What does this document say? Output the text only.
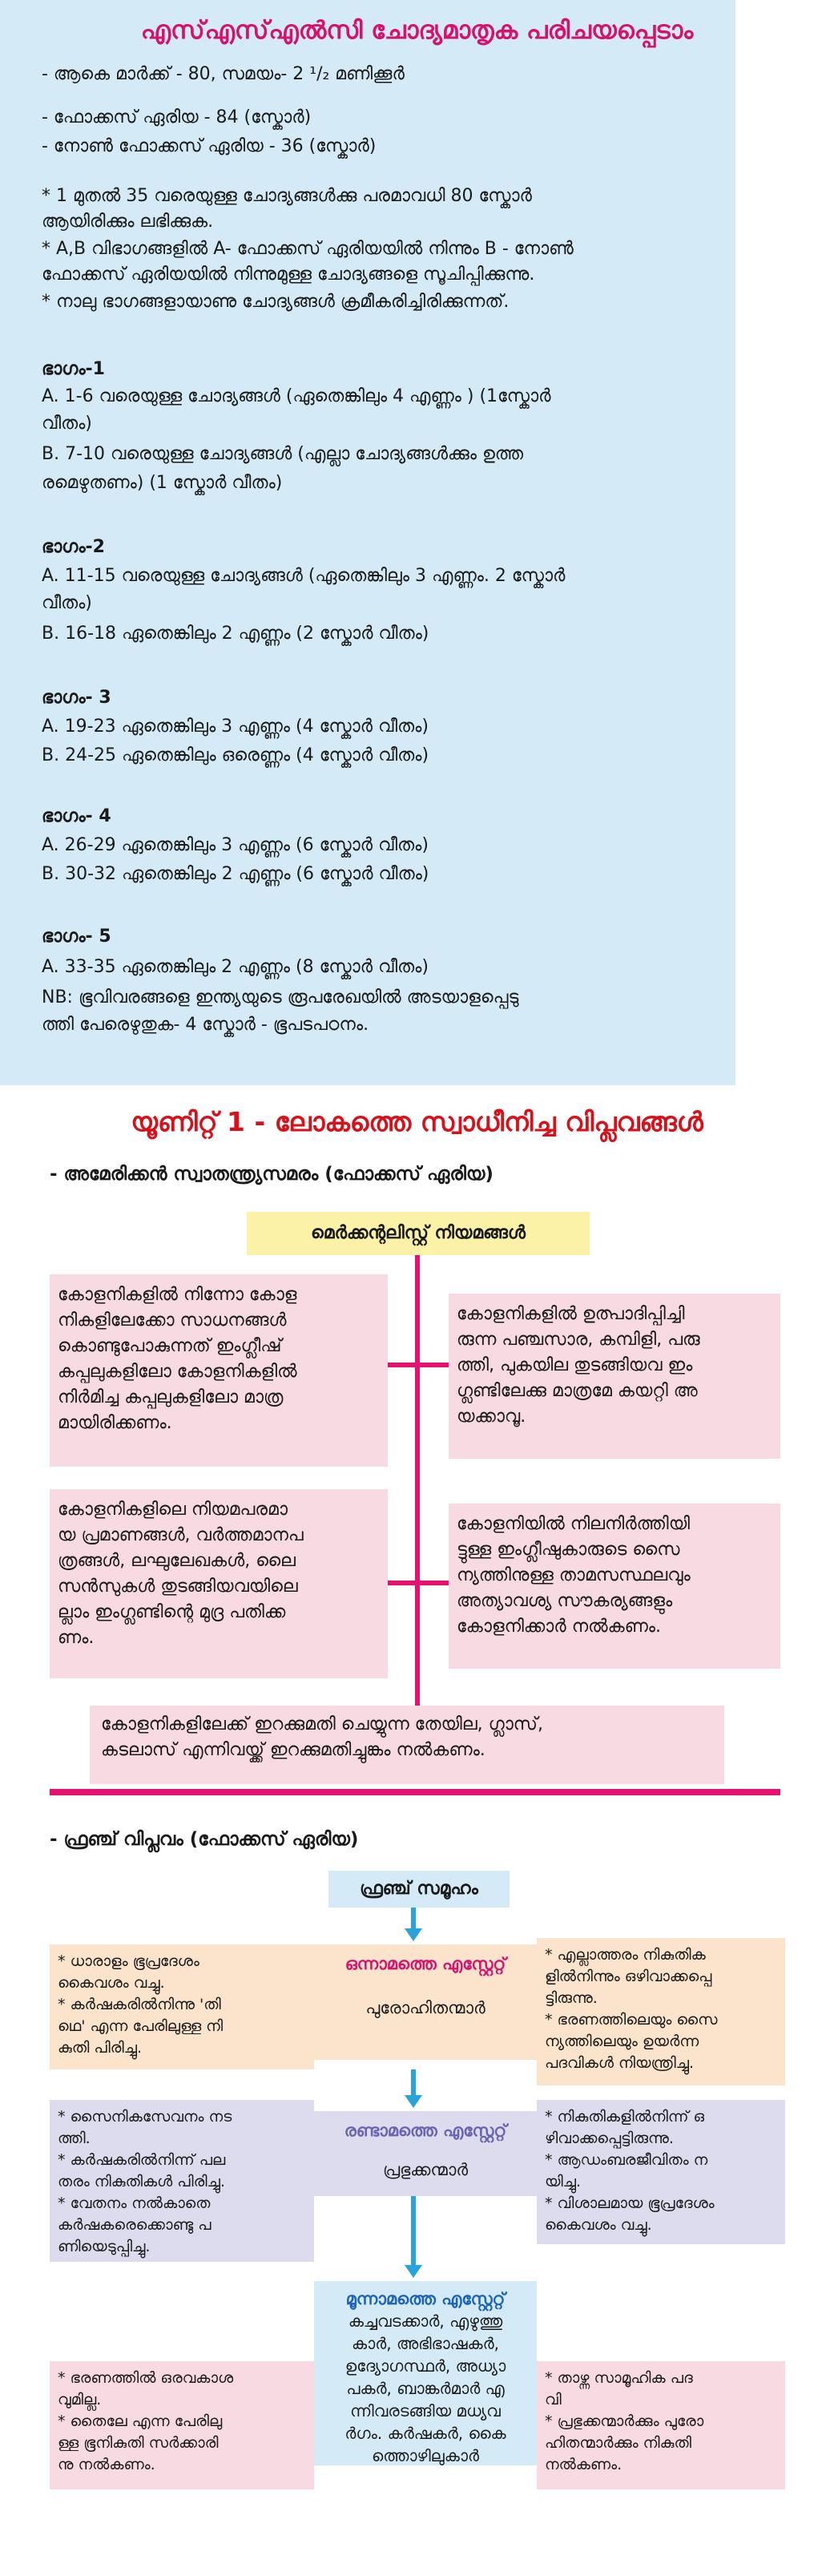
എസ്എസ്എൽസി ചോദ്യമാതൃക പരിചയപ്പെടാം
- ആകെ മാർക്ക് - 80, സമയം- 2 ¹/₂ മണിക്കൂർ
- ഫോക്കസ് ഏരിയ - 84 (സ്കോർ)
- നോൺ ഫോക്കസ് ഏരിയ - 36 (സ്കോർ)
* 1 മുതൽ 35 വരെയുള്ള ചോദ്യങ്ങൾക്കു പരമാവധി 80 സ്കോർ
ആയിരിക്കും ലഭിക്കുക.
* A,B വിഭാഗങ്ങളിൽ A- ഫോക്കസ് ഏരിയയിൽ നിന്നും B - നോൺ
ഫോക്കസ് ഏരിയയിൽ നിന്നുമുള്ള ചോദ്യങ്ങളെ സൂചിപ്പിക്കുന്നു.
* നാലു ഭാഗങ്ങളായാണു ചോദ്യങ്ങൾ ക്രമീകരിച്ചിരിക്കുന്നത്.
ഭാഗം-1
A. 1-6 വരെയുള്ള ചോദ്യങ്ങൾ (ഏതെങ്കിലും 4 എണ്ണം ) (1സ്കോർ
വീതം)
B. 7-10 വരെയുള്ള ചോദ്യങ്ങൾ (എല്ലാ ചോദ്യങ്ങൾക്കും ഉത്ത
രമെഴുതണം) (1 സ്കോർ വീതം)
ഭാഗം-2
A. 11-15 വരെയുള്ള ചോദ്യങ്ങൾ (ഏതെങ്കിലും 3 എണ്ണം. 2 സ്കോർ
വീതം)
B. 16-18 ഏതെങ്കിലും 2 എണ്ണം (2 സ്കോർ വീതം)
ഭാഗം- 3
A. 19-23 ഏതെങ്കിലും 3 എണ്ണം (4 സ്കോർ വീതം)
B. 24-25 ഏതെങ്കിലും ഒരെണ്ണം (4 സ്കോർ വീതം)
ഭാഗം- 4
A. 26-29 ഏതെങ്കിലും 3 എണ്ണം (6 സ്കോർ വീതം)
B. 30-32 ഏതെങ്കിലും 2 എണ്ണം (6 സ്കോർ വീതം)
ഭാഗം- 5
A. 33-35 ഏതെങ്കിലും 2 എണ്ണം (8 സ്കോർ വീതം)
NB: ഭൂവിവരങ്ങളെ ഇന്ത്യയുടെ രൂപരേഖയിൽ അടയാളപ്പെടു
ത്തി പേരെഴുതുക- 4 സ്കോർ - ഭൂപടപഠനം.
യൂണിറ്റ് 1 - ലോകത്തെ സ്വാധീനിച്ച വിപ്ലവങ്ങൾ
- അമേരിക്കൻ സ്വാതന്ത്ര്യസമരം (ഫോക്കസ് ഏരിയ)
മെർക്കന്റലിസ്റ്റ് നിയമങ്ങൾ
കോളനികളിൽ നിന്നോ കോള
നികളിലേക്കോ സാധനങ്ങൾ
കൊണ്ടുപോകുന്നത് ഇംഗ്ലീഷ്
കപ്പലുകളിലോ കോളനികളിൽ
നിർമിച്ച കപ്പലുകളിലോ മാത്ര
മായിരിക്കണം.
കോളനികളിൽ ഉത്പാദിപ്പിച്ചി
രുന്ന പഞ്ചസാര, കമ്പിളി, പരു
ത്തി, പുകയില തുടങ്ങിയവ ഇം
ഗ്ലണ്ടിലേക്കു മാത്രമേ കയറ്റി അ
യക്കാവൂ.
കോളനികളിലെ നിയമപരമാ
യ പ്രമാണങ്ങൾ, വർത്തമാനപ
ത്രങ്ങൾ, ലഘുലേഖകൾ, ലൈ
സൻസുകൾ തുടങ്ങിയവയിലെ
ല്ലാം ഇംഗ്ലണ്ടിന്റെ മുദ്ര പതിക്ക
ണം.
കോളനിയിൽ നിലനിർത്തിയി
ട്ടുള്ള ഇംഗ്ലീഷുകാരുടെ സൈ
ന്യത്തിനുള്ള താമസസ്ഥലവും
അത്യാവശ്യ സൗകര്യങ്ങളും
കോളനിക്കാർ നൽകണം.
കോളനികളിലേക്ക് ഇറക്കുമതി ചെയ്യുന്ന തേയില, ഗ്ലാസ്,
കടലാസ് എന്നിവയ്ക്ക് ഇറക്കുമതിച്ചുങ്കം നൽകണം.
- ഫ്രഞ്ച് വിപ്ലവം (ഫോക്കസ് ഏരിയ)
ഫ്രഞ്ച് സമൂഹം
ഒന്നാമത്തെ എസ്റ്റേറ്റ്
പുരോഹിതന്മാർ
* ധാരാളം ഭൂപ്രദേശം
കൈവശം വച്ചു.
* കർഷകരിൽനിന്നു 'തി
ഥെ' എന്ന പേരിലുള്ള നി
കുതി പിരിച്ചു.
* എല്ലാത്തരം നികുതിക
ളിൽനിന്നും ഒഴിവാക്കപ്പെ
ട്ടിരുന്നു.
* ഭരണത്തിലെയും സൈ
ന്യത്തിലെയും ഉയർന്ന
പദവികൾ നിയന്ത്രിച്ചു.
രണ്ടാമത്തെ എസ്റ്റേറ്റ്
പ്രഭുക്കന്മാർ
* സൈനികസേവനം നട
ത്തി.
* കർഷകരിൽനിന്ന് പല
തരം നികുതികൾ പിരിച്ചു.
* വേതനം നൽകാതെ
കർഷകരെക്കൊണ്ടു പ
ണിയെടുപ്പിച്ചു.
* നികുതികളിൽനിന്ന് ഒ
ഴിവാക്കപ്പെട്ടിരുന്നു.
* ആഡംബരജീവിതം ന
യിച്ചു.
* വിശാലമായ ഭൂപ്രദേശം
കൈവശം വച്ചു.
മൂന്നാമത്തെ എസ്റ്റേറ്റ്
കച്ചവടക്കാർ, എഴുത്തു
കാർ, അഭിഭാഷകർ,
ഉദ്യോഗസ്ഥർ, അധ്യാ
പകർ, ബാങ്കർമാർ എ
ന്നിവരടങ്ങിയ മധ്യവ
ർഗം. കർഷകർ, കൈ
ത്തൊഴിലുകാർ
* ഭരണത്തിൽ ഒരവകാശ
വുമില്ല.
* തൈലേ എന്ന പേരിലു
ള്ള ഭൂനികുതി സർക്കാരി
നു നൽകണം.
* താഴ്ന്ന സാമൂഹിക പദ
വി
* പ്രഭുക്കന്മാർക്കും പുരോ
ഹിതന്മാർക്കും നികുതി
നൽകണം.
